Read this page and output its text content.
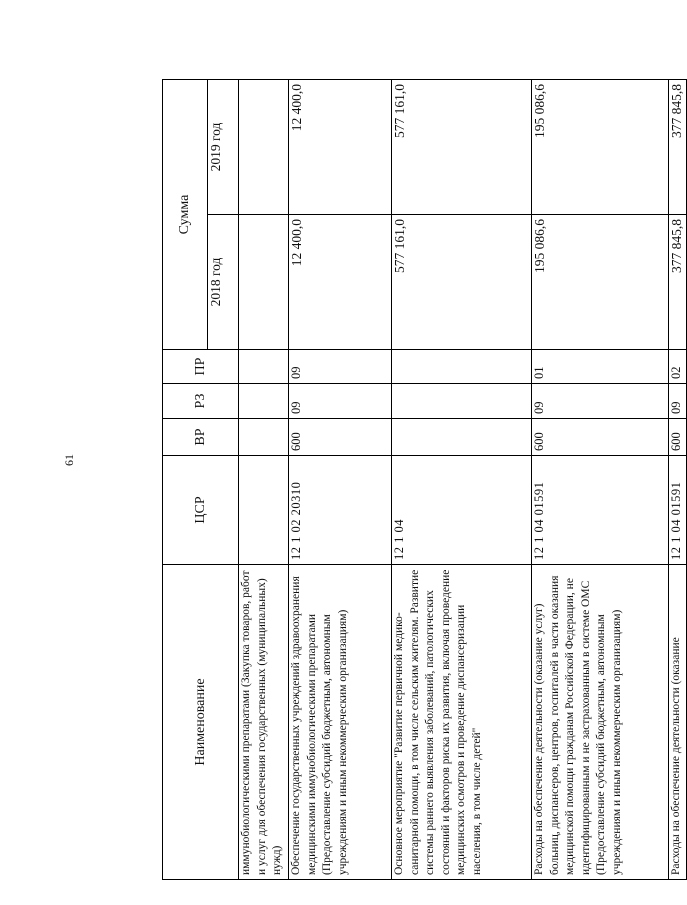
61
Наименование	ЦСР	ВР	РЗ	ПР	Сумма	
					2018 год	2019 год
иммунобиологическими препаратами (Закупка товаров, работ и услуг для обеспечения государственных (муниципальных) нужд)						
Обеспечение государственных учреждений здравоохранения медицинскими иммунобиологическими препаратами (Предоставление субсидий бюджетным, автономным учреждениям и иным некоммерческим организациям)	12 1 02 20310	600	09	09	12 400,0	12 400,0
Основное мероприятие "Развитие первичной медико-санитарной помощи, в том числе сельским жителям. Развитие системы раннего выявления заболеваний, патологических состояний и факторов риска их развития, включая проведение медицинских осмотров и проведение диспансеризации населения, в том числе детей"	12 1 04				577 161,0	577 161,0
Расходы на обеспечение деятельности (оказание услуг) больниц, диспансеров, центров, госпиталей в части оказания медицинской помощи гражданам Российской Федерации, не идентифицированным и не застрахованным в системе ОМС (Предоставление субсидий бюджетным, автономным учреждениям и иным некоммерческим организациям)	12 1 04 01591	600	09	01	195 086,6	195 086,6
Расходы на обеспечение деятельности (оказание	12 1 04 01591	600	09	02	377 845,8	377 845,8
